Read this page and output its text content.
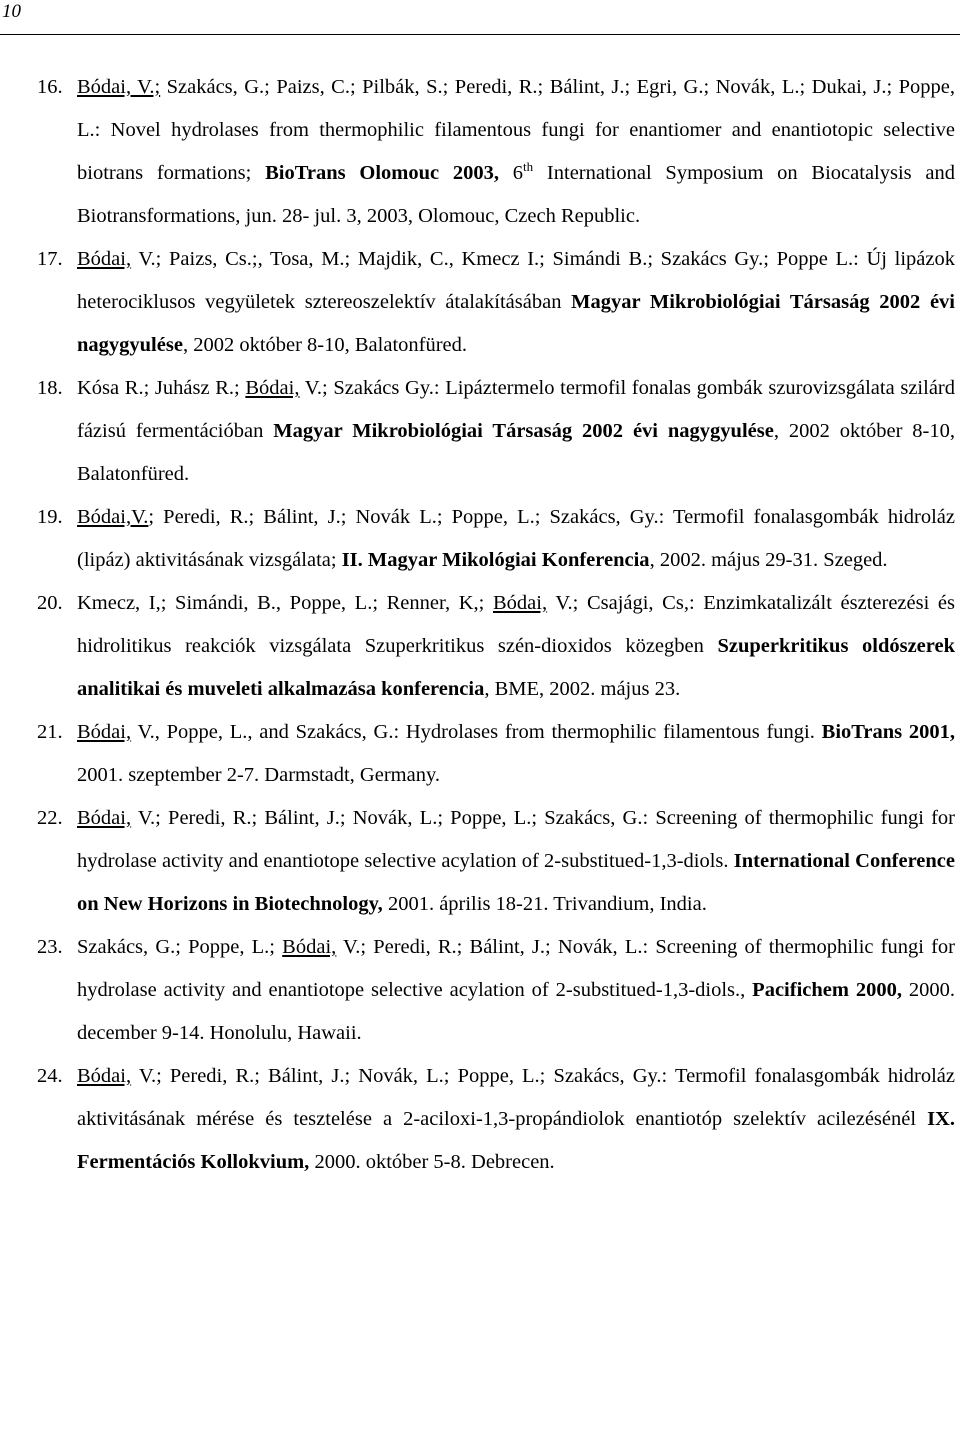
10
16. Bódai, V.; Szakács, G.; Paizs, C.; Pilbák, S.; Peredi, R.; Bálint, J.; Egri, G.; Novák, L.; Dukai, J.; Poppe, L.: Novel hydrolases from thermophilic filamentous fungi for enantiomer and enantiotopic selective biotrans formations; BioTrans Olomouc 2003, 6th International Symposium on Biocatalysis and Biotransformations, jun. 28- jul. 3, 2003, Olomouc, Czech Republic.
17. Bódai, V.; Paizs, Cs.;, Tosa, M.; Majdik, C., Kmecz I.; Simándi B.; Szakács Gy.; Poppe L.: Új lipázok heterociklusos vegyületek sztereoszelektív átalakításában Magyar Mikrobiológiai Társaság 2002 évi nagygyulése, 2002 október 8-10, Balatonfüred.
18. Kósa R.; Juhász R.; Bódai, V.; Szakács Gy.: Lipáztermelo termofil fonalas gombák szurovizsgálata szilárd fázisú fermentációban Magyar Mikrobiológiai Társaság 2002 évi nagygyulése, 2002 október 8-10, Balatonfüred.
19. Bódai,V.; Peredi, R.; Bálint, J.; Novák L.; Poppe, L.; Szakács, Gy.: Termofil fonalasgombák hidroláz (lipáz) aktivitásának vizsgálata; II. Magyar Mikológiai Konferencia, 2002. május 29-31. Szeged.
20. Kmecz, I,; Simándi, B., Poppe, L.; Renner, K,; Bódai, V.; Csajági, Cs,: Enzimkatalizált észterezési és hidrolitikus reakciók vizsgálata Szuperkritikus szén-dioxidos közegben Szuperkritikus oldószerek analitikai és muveleti alkalmazása konferencia, BME, 2002. május 23.
21. Bódai, V., Poppe, L., and Szakács, G.: Hydrolases from thermophilic filamentous fungi. BioTrans 2001, 2001. szeptember 2-7. Darmstadt, Germany.
22. Bódai, V.; Peredi, R.; Bálint, J.; Novák, L.; Poppe, L.; Szakács, G.: Screening of thermophilic fungi for hydrolase activity and enantiotope selective acylation of 2-substitued-1,3-diols. International Conference on New Horizons in Biotechnology, 2001. április 18-21. Trivandium, India.
23. Szakács, G.; Poppe, L.; Bódai, V.; Peredi, R.; Bálint, J.; Novák, L.: Screening of thermophilic fungi for hydrolase activity and enantiotope selective acylation of 2-substitued-1,3-diols., Pacifichem 2000, 2000. december 9-14. Honolulu, Hawaii.
24. Bódai, V.; Peredi, R.; Bálint, J.; Novák, L.; Poppe, L.; Szakács, Gy.: Termofil fonalasgombák hidroláz aktivitásának mérése és tesztelése a 2-aciloxi-1,3-propándiolok enantiotóp szelektív acilezésénél IX. Fermentációs Kollokvium, 2000. október 5-8. Debrecen.
